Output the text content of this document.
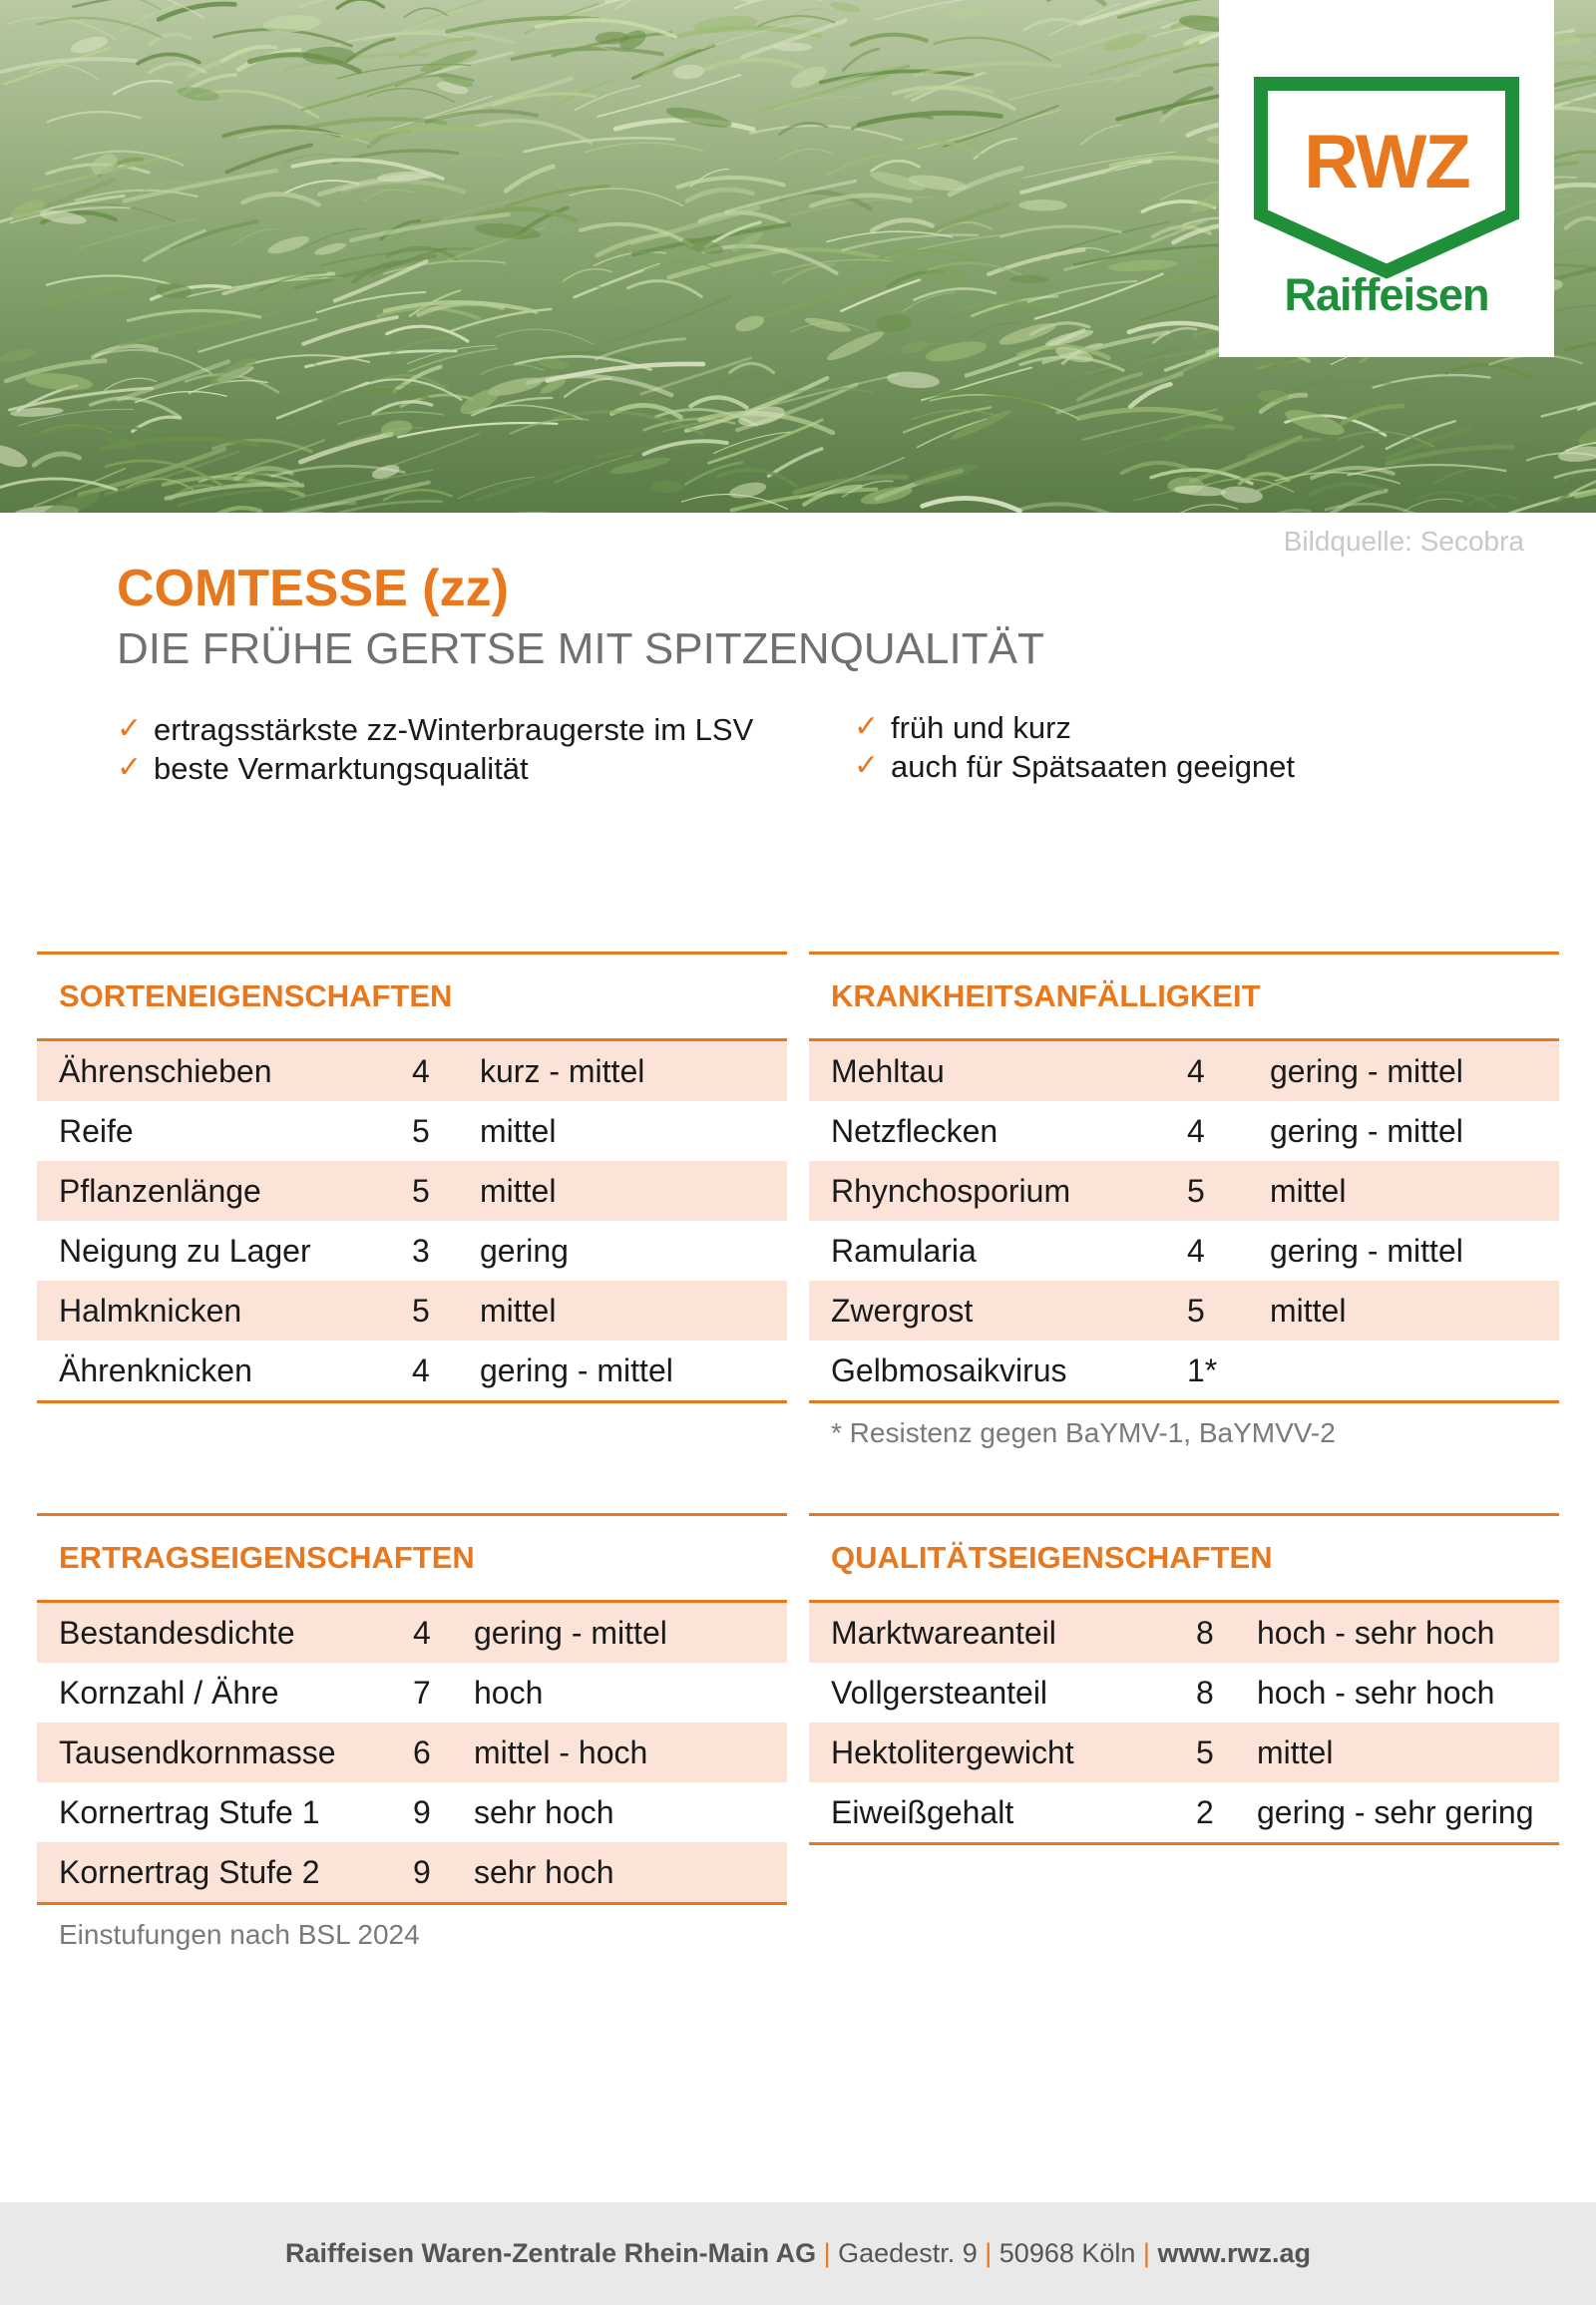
RWZ
Raiffeisen
Bildquelle: Secobra
COMTESSE (zz)
DIE FRÜHE GERTSE MIT SPITZENQUALITÄT
✓ ertragsstärkste zz-Winterbraugerste im LSV
✓ beste Vermarktungsqualität
✓ früh und kurz
✓ auch für Spätsaaten geeignet
SORTENEIGENSCHAFTEN
Ährenschieben	4 kurz - mittel
Reife	5 mittel
Pflanzenlänge	5 mittel
Neigung zu Lager	3 gering
Halmknicken	5 mittel
Ährenknicken	4 gering - mittel
KRANKHEITSANFÄLLIGKEIT
Mehltau	4 gering - mittel
Netzflecken	4 gering - mittel
Rhynchosporium	5 mittel
Ramularia	4 gering - mittel
Zwergrost	5 mittel
Gelbmosaikvirus	1*
* Resistenz gegen BaYMV-1, BaYMVV-2
ERTRAGSEIGENSCHAFTEN
Bestandesdichte	4 gering - mittel
Kornzahl / Ähre	7 hoch
Tausendkornmasse 6 mittel - hoch
Kornertrag Stufe 1	9 sehr hoch
Kornertrag Stufe 2	9 sehr hoch
Einstufungen nach BSL 2024
QUALITÄTSEIGENSCHAFTEN
Marktwareanteil	8 hoch - sehr hoch
Vollgersteanteil	8 hoch - sehr hoch
Hektolitergewicht	5 mittel
Eiweißgehalt	2 gering - sehr gering
Raiffeisen Waren-Zentrale Rhein-Main AG | Gaedestr. 9 | 50968 Köln | www.rwz.ag
